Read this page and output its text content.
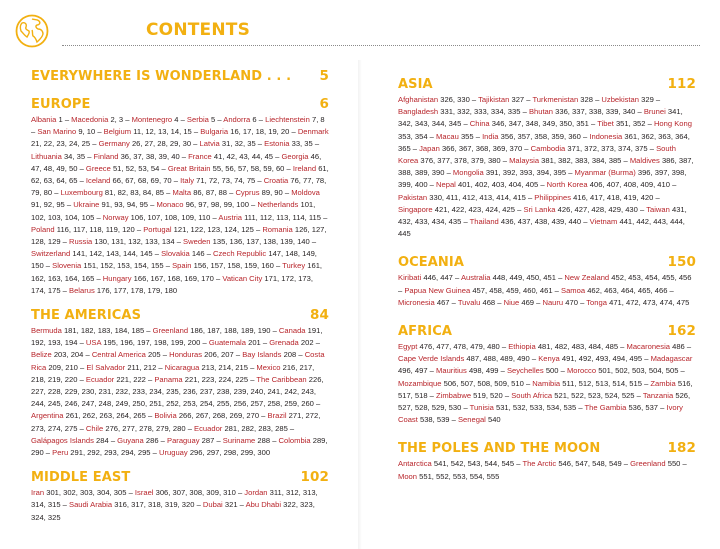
CONTENTS
EVERYWHERE IS WONDERLAND . . . 5
EUROPE	6
Albania 1 – Macedonia 2, 3 – Montenegro 4 – Serbia 5 – Andorra 6 – Liechtenstein 7, 8 – San Marino 9, 10 – Belgium 11, 12, 13, 14, 15 – Bulgaria 16, 17, 18, 19, 20 – Denmark 21, 22, 23, 24, 25 – Germany 26, 27, 28, 29, 30 – Latvia 31, 32, 35 – Estonia 33, 35 – Lithuania 34, 35 – Finland 36, 37, 38, 39, 40 – France 41, 42, 43, 44, 45 – Georgia 46, 47, 48, 49, 50 – Greece 51, 52, 53, 54 – Great Britain 55, 56, 57, 58, 59, 60 – Ireland 61, 62, 63, 64, 65 – Iceland 66, 67, 68, 69, 70 – Italy 71, 72, 73, 74, 75 – Croatia 76, 77, 78, 79, 80 – Luxembourg 81, 82, 83, 84, 85 – Malta 86, 87, 88 – Cyprus 89, 90 – Moldova 91, 92, 95 – Ukraine 91, 93, 94, 95 – Monaco 96, 97, 98, 99, 100 – Netherlands 101, 102, 103, 104, 105 – Norway 106, 107, 108, 109, 110 – Austria 111, 112, 113, 114, 115 – Poland 116, 117, 118, 119, 120 – Portugal 121, 122, 123, 124, 125 – Romania 126, 127, 128, 129 – Russia 130, 131, 132, 133, 134 – Sweden 135, 136, 137, 138, 139, 140 – Switzerland 141, 142, 143, 144, 145 – Slovakia 146 – Czech Republic 147, 148, 149, 150 – Slovenia 151, 152, 153, 154, 155 – Spain 156, 157, 158, 159, 160 – Turkey 161, 162, 163, 164, 165 – Hungary 166, 167, 168, 169, 170 – Vatican City 171, 172, 173, 174, 175 – Belarus 176, 177, 178, 179, 180
THE AMERICAS	84
Bermuda 181, 182, 183, 184, 185 – Greenland 186, 187, 188, 189, 190 – Canada 191, 192, 193, 194 – USA 195, 196, 197, 198, 199, 200 – Guatemala 201 – Grenada 202 – Belize 203, 204 – Central America 205 – Honduras 206, 207 – Bay Islands 208 – Costa Rica 209, 210 – El Salvador 211, 212 – Nicaragua 213, 214, 215 – Mexico 216, 217, 218, 219, 220 – Ecuador 221, 222 – Panama 221, 223, 224, 225 – The Caribbean 226, 227, 228, 229, 230, 231, 232, 233, 234, 235, 236, 237, 238, 239, 240, 241, 242, 243, 244, 245, 246, 247, 248, 249, 250, 251, 252, 253, 254, 255, 256, 257, 258, 259, 260 – Argentina 261, 262, 263, 264, 265 – Bolivia 266, 267, 268, 269, 270 – Brazil 271, 272, 273, 274, 275 – Chile 276, 277, 278, 279, 280 – Ecuador 281, 282, 283, 285 – Galápagos Islands 284 – Guyana 286 – Paraguay 287 – Suriname 288 – Colombia 289, 290 – Peru 291, 292, 293, 294, 295 – Uruguay 296, 297, 298, 299, 300
MIDDLE EAST	102
Iran 301, 302, 303, 304, 305 – Israel 306, 307, 308, 309, 310 – Jordan 311, 312, 313, 314, 315 – Saudi Arabia 316, 317, 318, 319, 320 – Dubai 321 – Abu Dhabi 322, 323, 324, 325
ASIA	112
Afghanistan 326, 330 – Tajikistan 327 – Turkmenistan 328 – Uzbekistan 329 – Bangladesh 331, 332, 333, 334, 335 – Bhutan 336, 337, 338, 339, 340 – Brunei 341, 342, 343, 344, 345 – China 346, 347, 348, 349, 350, 351 – Tibet 351, 352 – Hong Kong 353, 354 – Macau 355 – India 356, 357, 358, 359, 360 – Indonesia 361, 362, 363, 364, 365 – Japan 366, 367, 368, 369, 370 – Cambodia 371, 372, 373, 374, 375 – South Korea 376, 377, 378, 379, 380 – Malaysia 381, 382, 383, 384, 385 – Maldives 386, 387, 388, 389, 390 – Mongolia 391, 392, 393, 394, 395 – Myanmar (Burma) 396, 397, 398, 399, 400 – Nepal 401, 402, 403, 404, 405 – North Korea 406, 407, 408, 409, 410 – Pakistan 330, 411, 412, 413, 414, 415 – Philippines 416, 417, 418, 419, 420 – Singapore 421, 422, 423, 424, 425 – Sri Lanka 426, 427, 428, 429, 430 – Taiwan 431, 432, 433, 434, 435 – Thailand 436, 437, 438, 439, 440 – Vietnam 441, 442, 443, 444, 445
OCEANIA	150
Kiribati 446, 447 – Australia 448, 449, 450, 451 – New Zealand 452, 453, 454, 455, 456 – Papua New Guinea 457, 458, 459, 460, 461 – Samoa 462, 463, 464, 465, 466 – Micronesia 467 – Tuvalu 468 – Niue 469 – Nauru 470 – Tonga 471, 472, 473, 474, 475
AFRICA	162
Egypt 476, 477, 478, 479, 480 – Ethiopia 481, 482, 483, 484, 485 – Macaronesia 486 – Cape Verde Islands 487, 488, 489, 490 – Kenya 491, 492, 493, 494, 495 – Madagascar 496, 497 – Mauritius 498, 499 – Seychelles 500 – Morocco 501, 502, 503, 504, 505 – Mozambique 506, 507, 508, 509, 510 – Namibia 511, 512, 513, 514, 515 – Zambia 516, 517, 518 – Zimbabwe 519, 520 – South Africa 521, 522, 523, 524, 525 – Tanzania 526, 527, 528, 529, 530 – Tunisia 531, 532, 533, 534, 535 – The Gambia 536, 537 – Ivory Coast 538, 539 – Senegal 540
THE POLES AND THE MOON	182
Antarctica 541, 542, 543, 544, 545 – The Arctic 546, 547, 548, 549 – Greenland 550 – Moon 551, 552, 553, 554, 555
